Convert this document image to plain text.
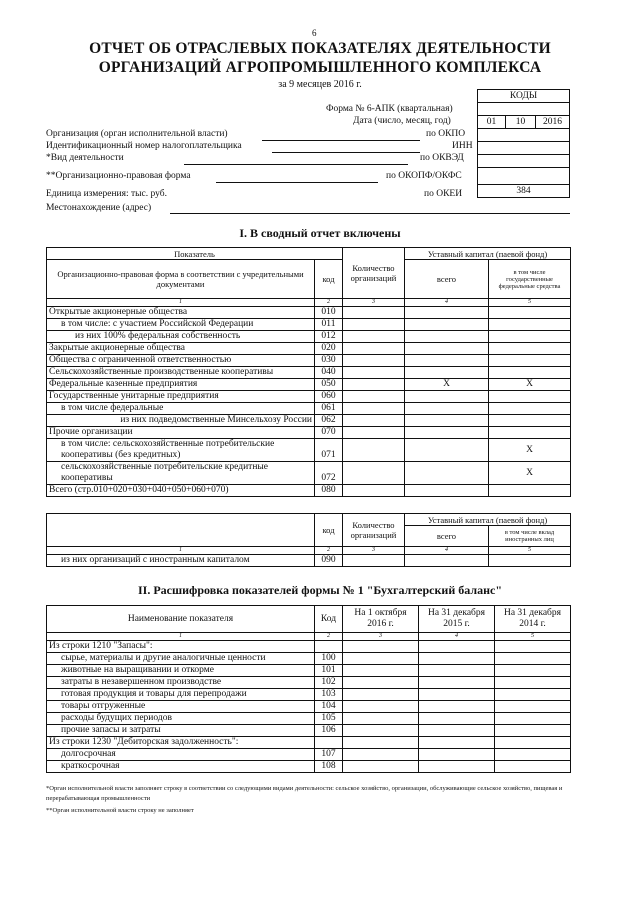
6
ОТЧЕТ ОБ ОТРАСЛЕВЫХ ПОКАЗАТЕЛЯХ ДЕЯТЕЛЬНОСТИ
ОРГАНИЗАЦИЙ АГРОПРОМЫШЛЕННОГО КОМПЛЕКСА
за 9 месяцев 2016 г.
Форма № 6-АПК (квартальная)
Дата (число, месяц, год)
Организация (орган исполнительной власти)	по ОКПО
Идентификационный номер налогоплательщика	ИНН
*Вид деятельности	по ОКВЭД
**Организационно-правовая форма	по ОКОПФ/ОКФС
Единица измерения: тыс. руб.	по ОКЕИ
Местонахождение (адрес)
КОДЫ

01	10	2016

384
I. В сводный отчет включены
Показатель		Количество организаций	Уставный капитал (паевой фонд)	
Организационно-правовая форма в соответствии с учредительными документами	код		всего	в том числе государственные федеральные средства
1	2	3	4	5
Открытые акционерные общества	010			
в том числе: с участием Российской Федерации	011			
из них 100% федеральная собственность	012			
Закрытые акционерные общества	020			
Общества с ограниченной ответственностью	030			
Сельскохозяйственные производственные кооперативы	040			
Федеральные казенные предприятия	050		X	X
Государственные унитарные предприятия	060			
в том числе федеральные	061			
из них подведомственные Минсельхозу России	062			
Прочие организации	070			
в том числе: сельскохозяйственные потребительские кооперативы (без кредитных)	071			X
сельскохозяйственные потребительские кредитные кооперативы	072			X
Всего (стр.010+020+030+040+050+060+070)	080			
	код	Количество организаций	Уставный капитал (паевой фонд)	
			всего	в том числе вклад иностранных лиц
1	2	3	4	5
из них организаций с иностранным капиталом	090			
II. Расшифровка показателей формы № 1 "Бухгалтерский баланс"
Наименование показателя	Код	На 1 октября 2016 г.	На 31 декабря 2015 г.	На 31 декабря 2014 г.
1	2	3	4	5
Из строки 1210 "Запасы":				
сырье, материалы и другие аналогичные ценности	100			
животные на выращивании и откорме	101			
затраты в незавершенном производстве	102			
готовая продукция и товары для перепродажи	103			
товары отгруженные	104			
расходы будущих периодов	105			
прочие запасы и затраты	106			
Из строки 1230 "Дебиторская задолженность":				
долгосрочная	107			
краткосрочная	108			
*Орган исполнительной власти заполняет строку в соответствии со следующими видами деятельности: сельское хозяйство, организации, обслуживающие сельское хозяйство, пищевая и перерабатывающая промышленности
**Орган исполнительной власти строку не заполняет
